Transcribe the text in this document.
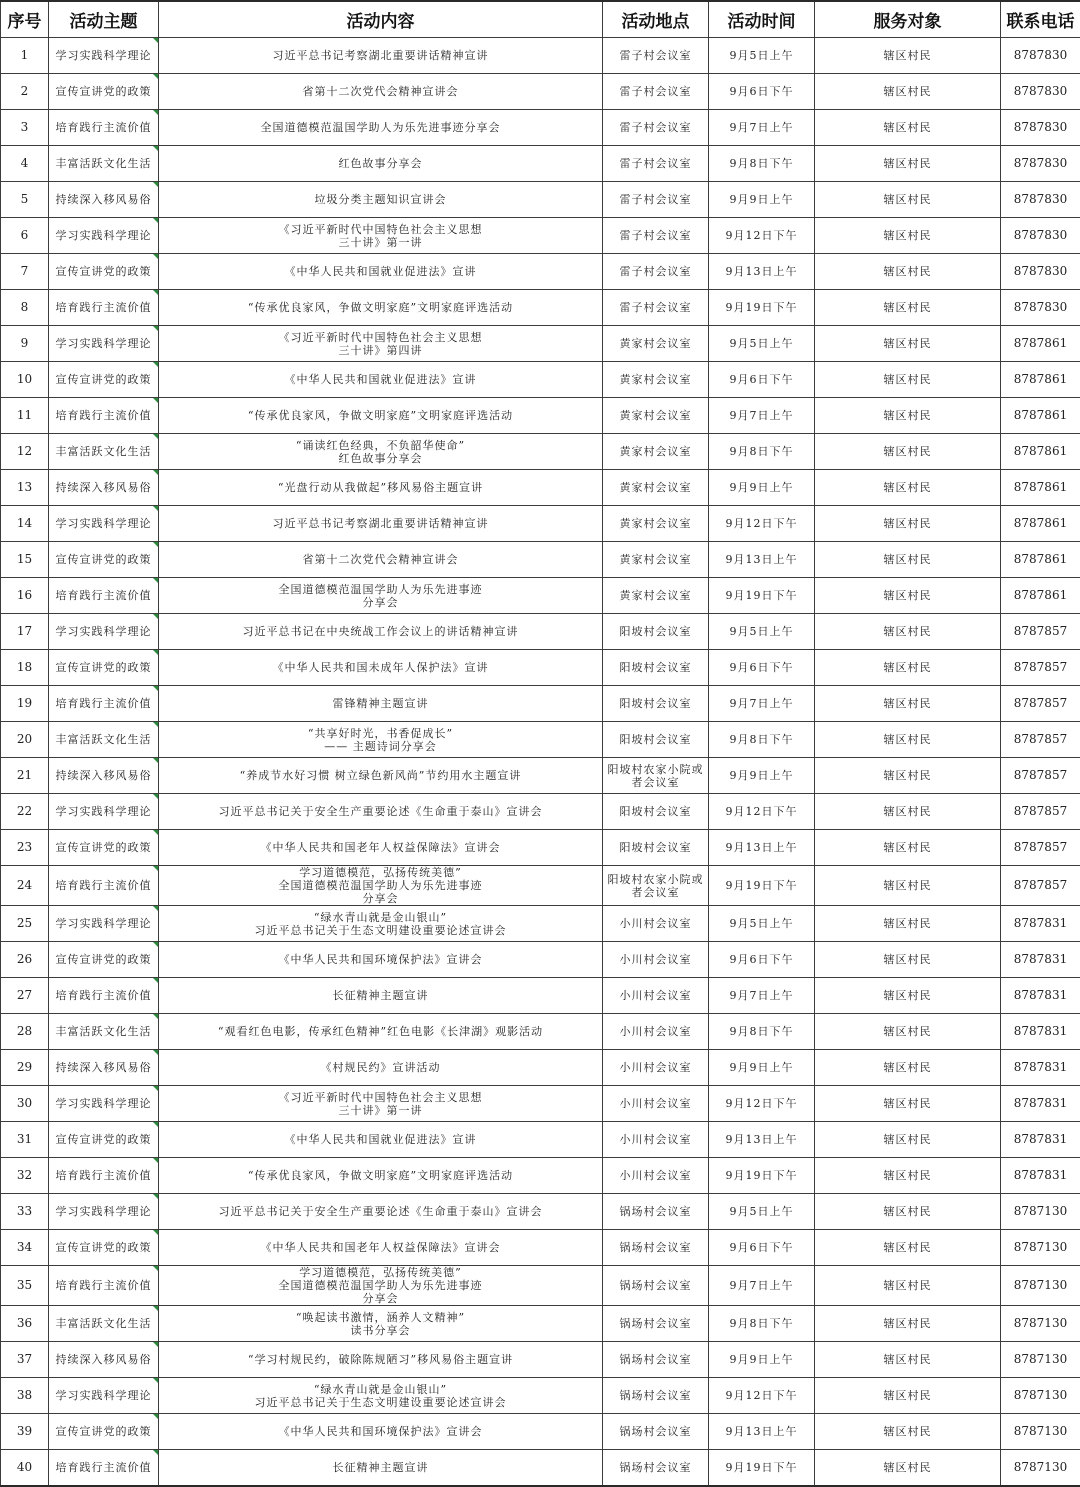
序号	活动主题	活动内容	活动地点	活动时间	服务对象	联系电话
1	学习实践科学理论	习近平总书记考察湖北重要讲话精神宣讲	雷子村会议室	9月5日上午	辖区村民	8787830
2	宣传宣讲党的政策	省第十二次党代会精神宣讲会	雷子村会议室	9月6日下午	辖区村民	8787830
3	培育践行主流价值	全国道德模范温国学助人为乐先进事迹分享会	雷子村会议室	9月7日上午	辖区村民	8787830
4	丰富活跃文化生活	红色故事分享会	雷子村会议室	9月8日下午	辖区村民	8787830
5	持续深入移风易俗	垃圾分类主题知识宣讲会	雷子村会议室	9月9日上午	辖区村民	8787830
6	学习实践科学理论	《习近平新时代中国特色社会主义思想
三十讲》第一讲	雷子村会议室	9月12日下午	辖区村民	8787830
7	宣传宣讲党的政策	《中华人民共和国就业促进法》宣讲	雷子村会议室	9月13日上午	辖区村民	8787830
8	培育践行主流价值	“传承优良家风，争做文明家庭”文明家庭评选活动	雷子村会议室	9月19日下午	辖区村民	8787830
9	学习实践科学理论	《习近平新时代中国特色社会主义思想
三十讲》第四讲	黄家村会议室	9月5日上午	辖区村民	8787861
10	宣传宣讲党的政策	《中华人民共和国就业促进法》宣讲	黄家村会议室	9月6日下午	辖区村民	8787861
11	培育践行主流价值	“传承优良家风，争做文明家庭”文明家庭评选活动	黄家村会议室	9月7日上午	辖区村民	8787861
12	丰富活跃文化生活	“诵读红色经典，不负韶华使命”
红色故事分享会	黄家村会议室	9月8日下午	辖区村民	8787861
13	持续深入移风易俗	“光盘行动从我做起”移风易俗主题宣讲	黄家村会议室	9月9日上午	辖区村民	8787861
14	学习实践科学理论	习近平总书记考察湖北重要讲话精神宣讲	黄家村会议室	9月12日下午	辖区村民	8787861
15	宣传宣讲党的政策	省第十二次党代会精神宣讲会	黄家村会议室	9月13日上午	辖区村民	8787861
16	培育践行主流价值	全国道德模范温国学助人为乐先进事迹
分享会	黄家村会议室	9月19日下午	辖区村民	8787861
17	学习实践科学理论	习近平总书记在中央统战工作会议上的讲话精神宣讲	阳坡村会议室	9月5日上午	辖区村民	8787857
18	宣传宣讲党的政策	《中华人民共和国未成年人保护法》宣讲	阳坡村会议室	9月6日下午	辖区村民	8787857
19	培育践行主流价值	雷锋精神主题宣讲	阳坡村会议室	9月7日上午	辖区村民	8787857
20	丰富活跃文化生活	“共享好时光，书香促成长”
—— 主题诗词分享会	阳坡村会议室	9月8日下午	辖区村民	8787857
21	持续深入移风易俗	“养成节水好习惯 树立绿色新风尚”节约用水主题宣讲	阳坡村农家小院或
者会议室	9月9日上午	辖区村民	8787857
22	学习实践科学理论	习近平总书记关于安全生产重要论述《生命重于泰山》宣讲会	阳坡村会议室	9月12日下午	辖区村民	8787857
23	宣传宣讲党的政策	《中华人民共和国老年人权益保障法》宣讲会	阳坡村会议室	9月13日上午	辖区村民	8787857
24	培育践行主流价值	学习道德模范，弘扬传统美德”
全国道德模范温国学助人为乐先进事迹
分享会	阳坡村农家小院或
者会议室	9月19日下午	辖区村民	8787857
25	学习实践科学理论	“绿水青山就是金山银山”
习近平总书记关于生态文明建设重要论述宣讲会	小川村会议室	9月5日上午	辖区村民	8787831
26	宣传宣讲党的政策	《中华人民共和国环境保护法》宣讲会	小川村会议室	9月6日下午	辖区村民	8787831
27	培育践行主流价值	长征精神主题宣讲	小川村会议室	9月7日上午	辖区村民	8787831
28	丰富活跃文化生活	“观看红色电影，传承红色精神”红色电影《长津湖》观影活动	小川村会议室	9月8日下午	辖区村民	8787831
29	持续深入移风易俗	《村规民约》宣讲活动	小川村会议室	9月9日上午	辖区村民	8787831
30	学习实践科学理论	《习近平新时代中国特色社会主义思想
三十讲》第一讲	小川村会议室	9月12日下午	辖区村民	8787831
31	宣传宣讲党的政策	《中华人民共和国就业促进法》宣讲	小川村会议室	9月13日上午	辖区村民	8787831
32	培育践行主流价值	“传承优良家风，争做文明家庭”文明家庭评选活动	小川村会议室	9月19日下午	辖区村民	8787831
33	学习实践科学理论	习近平总书记关于安全生产重要论述《生命重于泰山》宣讲会	锅场村会议室	9月5日上午	辖区村民	8787130
34	宣传宣讲党的政策	《中华人民共和国老年人权益保障法》宣讲会	锅场村会议室	9月6日下午	辖区村民	8787130
35	培育践行主流价值	学习道德模范，弘扬传统美德”
全国道德模范温国学助人为乐先进事迹
分享会	锅场村会议室	9月7日上午	辖区村民	8787130
36	丰富活跃文化生活	“唤起读书激情，涵养人文精神”
读书分享会	锅场村会议室	9月8日下午	辖区村民	8787130
37	持续深入移风易俗	“学习村规民约，破除陈规陋习”移风易俗主题宣讲	锅场村会议室	9月9日上午	辖区村民	8787130
38	学习实践科学理论	“绿水青山就是金山银山”
习近平总书记关于生态文明建设重要论述宣讲会	锅场村会议室	9月12日下午	辖区村民	8787130
39	宣传宣讲党的政策	《中华人民共和国环境保护法》宣讲会	锅场村会议室	9月13日上午	辖区村民	8787130
40	培育践行主流价值	长征精神主题宣讲	锅场村会议室	9月19日下午	辖区村民	8787130
